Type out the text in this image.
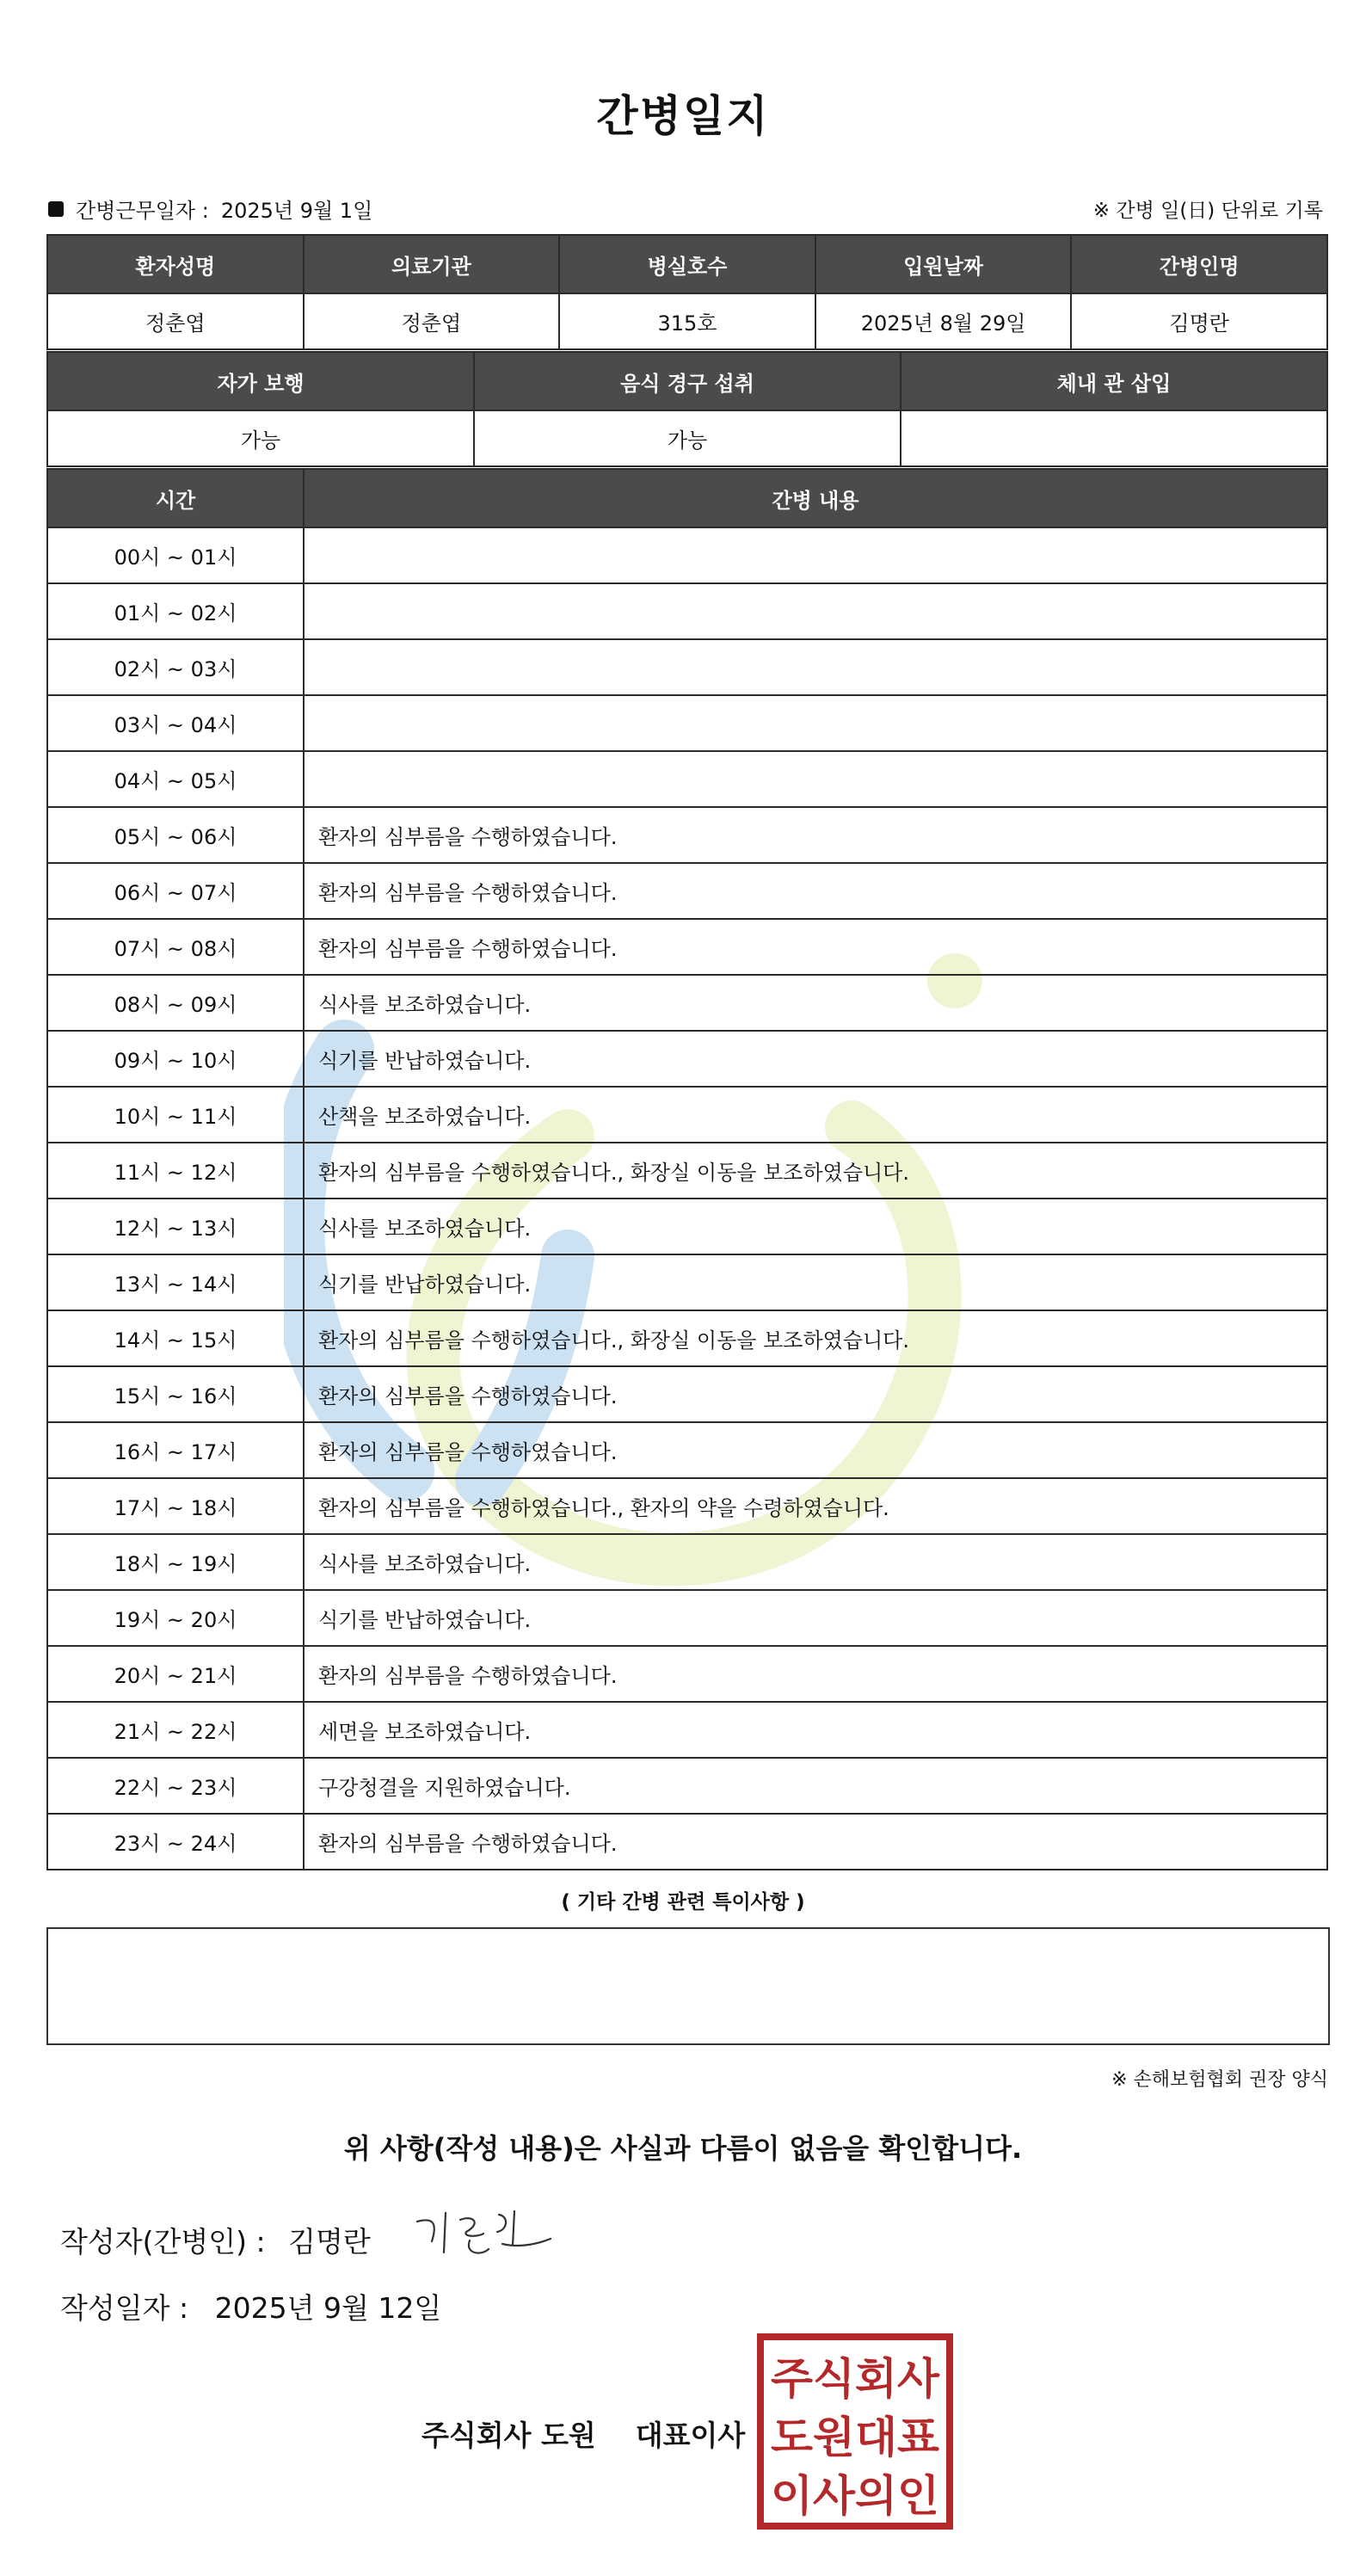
간병일지
간병근무일자 : 2025년 9월 1일	※ 간병 일(日) 단위로 기록
환자성명	의료기관	병실호수	입원날짜	간병인명
정춘엽	정춘엽	315호	2025년 8월 29일	김명란
자가 보행	음식 경구 섭취	체내 관 삽입
가능	가능	
시간	간병 내용
00시 ~ 01시	
01시 ~ 02시	
02시 ~ 03시	
03시 ~ 04시	
04시 ~ 05시	
05시 ~ 06시	환자의 심부름을 수행하였습니다.
06시 ~ 07시	환자의 심부름을 수행하였습니다.
07시 ~ 08시	환자의 심부름을 수행하였습니다.
08시 ~ 09시	식사를 보조하였습니다.
09시 ~ 10시	식기를 반납하였습니다.
10시 ~ 11시	산책을 보조하였습니다.
11시 ~ 12시	환자의 심부름을 수행하였습니다., 화장실 이동을 보조하였습니다.
12시 ~ 13시	식사를 보조하였습니다.
13시 ~ 14시	식기를 반납하였습니다.
14시 ~ 15시	환자의 심부름을 수행하였습니다., 화장실 이동을 보조하였습니다.
15시 ~ 16시	환자의 심부름을 수행하였습니다.
16시 ~ 17시	환자의 심부름을 수행하였습니다.
17시 ~ 18시	환자의 심부름을 수행하였습니다., 환자의 약을 수령하였습니다.
18시 ~ 19시	식사를 보조하였습니다.
19시 ~ 20시	식기를 반납하였습니다.
20시 ~ 21시	환자의 심부름을 수행하였습니다.
21시 ~ 22시	세면을 보조하였습니다.
22시 ~ 23시	구강청결을 지원하였습니다.
23시 ~ 24시	환자의 심부름을 수행하였습니다.
( 기타 간병 관련 특이사항 )
※ 손해보험협회 권장 양식
위 사항(작성 내용)은 사실과 다름이 없음을 확인합니다.
작성자(간병인) : 김명란
작성일자 : 2025년 9월 12일
주식회사 도원    대표이사
주식회사
도원대표
이사의인
